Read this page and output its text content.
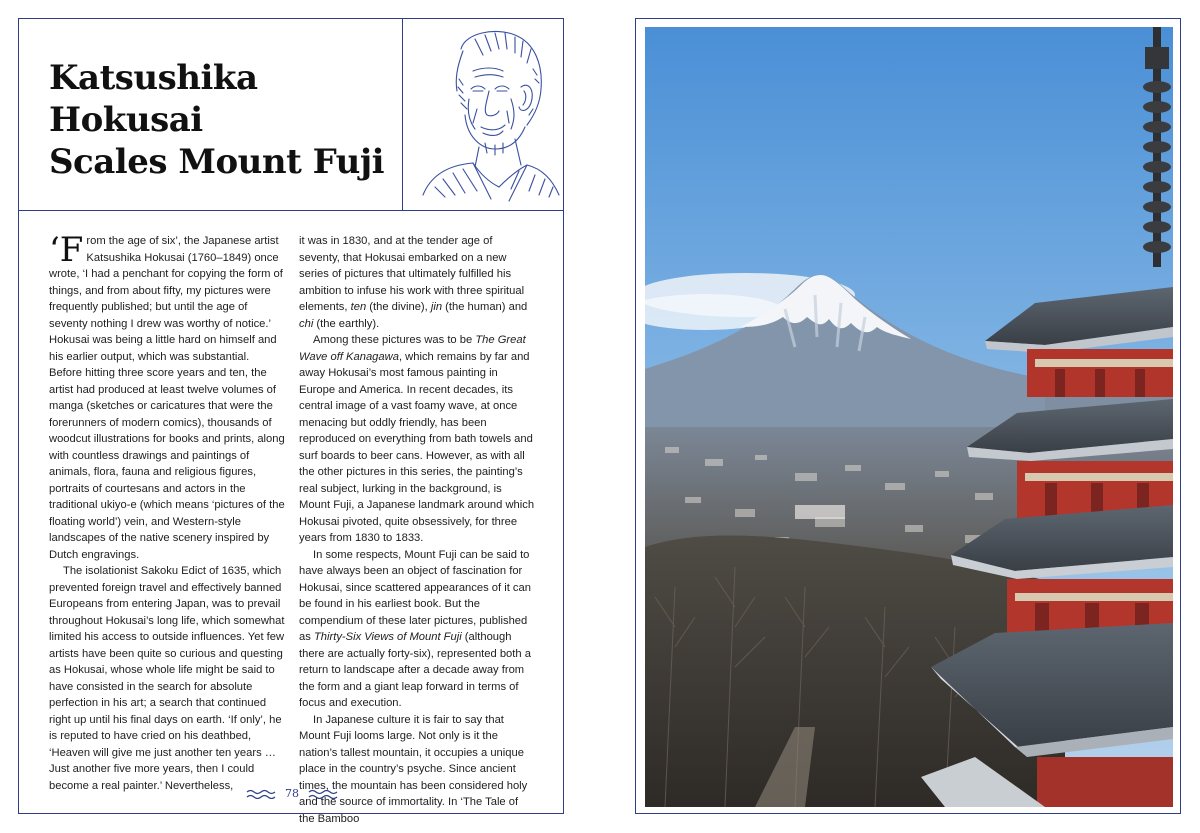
Katsushika Hokusai
Scales Mount Fuji

‘From the age of six’, the Japanese artist Katsushika Hokusai (1760–1849) once wrote, ‘I had a penchant for copying the form of things, and from about fifty, my pictures were frequently published; but until the age of seventy nothing I drew was worthy of notice.’ Hokusai was being a little hard on himself and his earlier output, which was substantial. Before hitting three score years and ten, the artist had produced at least twelve volumes of manga (sketches or caricatures that were the forerunners of modern comics), thousands of woodcut illustrations for books and prints, along with countless drawings and paintings of animals, flora, fauna and religious figures, portraits of courtesans and actors in the traditional ukiyo-e (which means ‘pictures of the floating world’) vein, and Western-style landscapes of the native scenery inspired by Dutch engravings.

The isolationist Sakoku Edict of 1635, which prevented foreign travel and effectively banned Europeans from entering Japan, was to prevail throughout Hokusai’s long life, which somewhat limited his access to outside influences. Yet few artists have been quite so curious and questing as Hokusai, whose whole life might be said to have consisted in the search for absolute perfection in his art; a search that continued right up until his final days on earth. ‘If only’, he is reputed to have cried on his deathbed, ‘Heaven will give me just another ten years … Just another five more years, then I could become a real painter.’ Nevertheless,

it was in 1830, and at the tender age of seventy, that Hokusai embarked on a new series of pictures that ultimately fulfilled his ambition to infuse his work with three spiritual elements, ten (the divine), jin (the human) and chi (the earthly).

Among these pictures was to be The Great Wave off Kanagawa, which remains by far and away Hokusai’s most famous painting in Europe and America. In recent decades, its central image of a vast foamy wave, at once menacing but oddly friendly, has been reproduced on everything from bath towels and surf boards to beer cans. However, as with all the other pictures in this series, the painting’s real subject, lurking in the background, is Mount Fuji, a Japanese landmark around which Hokusai pivoted, quite obsessively, for three years from 1830 to 1833.

In some respects, Mount Fuji can be said to have always been an object of fascination for Hokusai, since scattered appearances of it can be found in his earliest book. But the compendium of these later pictures, published as Thirty-Six Views of Mount Fuji (although there are actually forty-six), represented both a return to landscape after a decade away from the form and a giant leap forward in terms of focus and execution.

In Japanese culture it is fair to say that Mount Fuji looms large. Not only is it the nation’s tallest mountain, it occupies a unique place in the country’s psyche. Since ancient times, the mountain has been considered holy and the source of immortality. In ‘The Tale of the Bamboo

78
